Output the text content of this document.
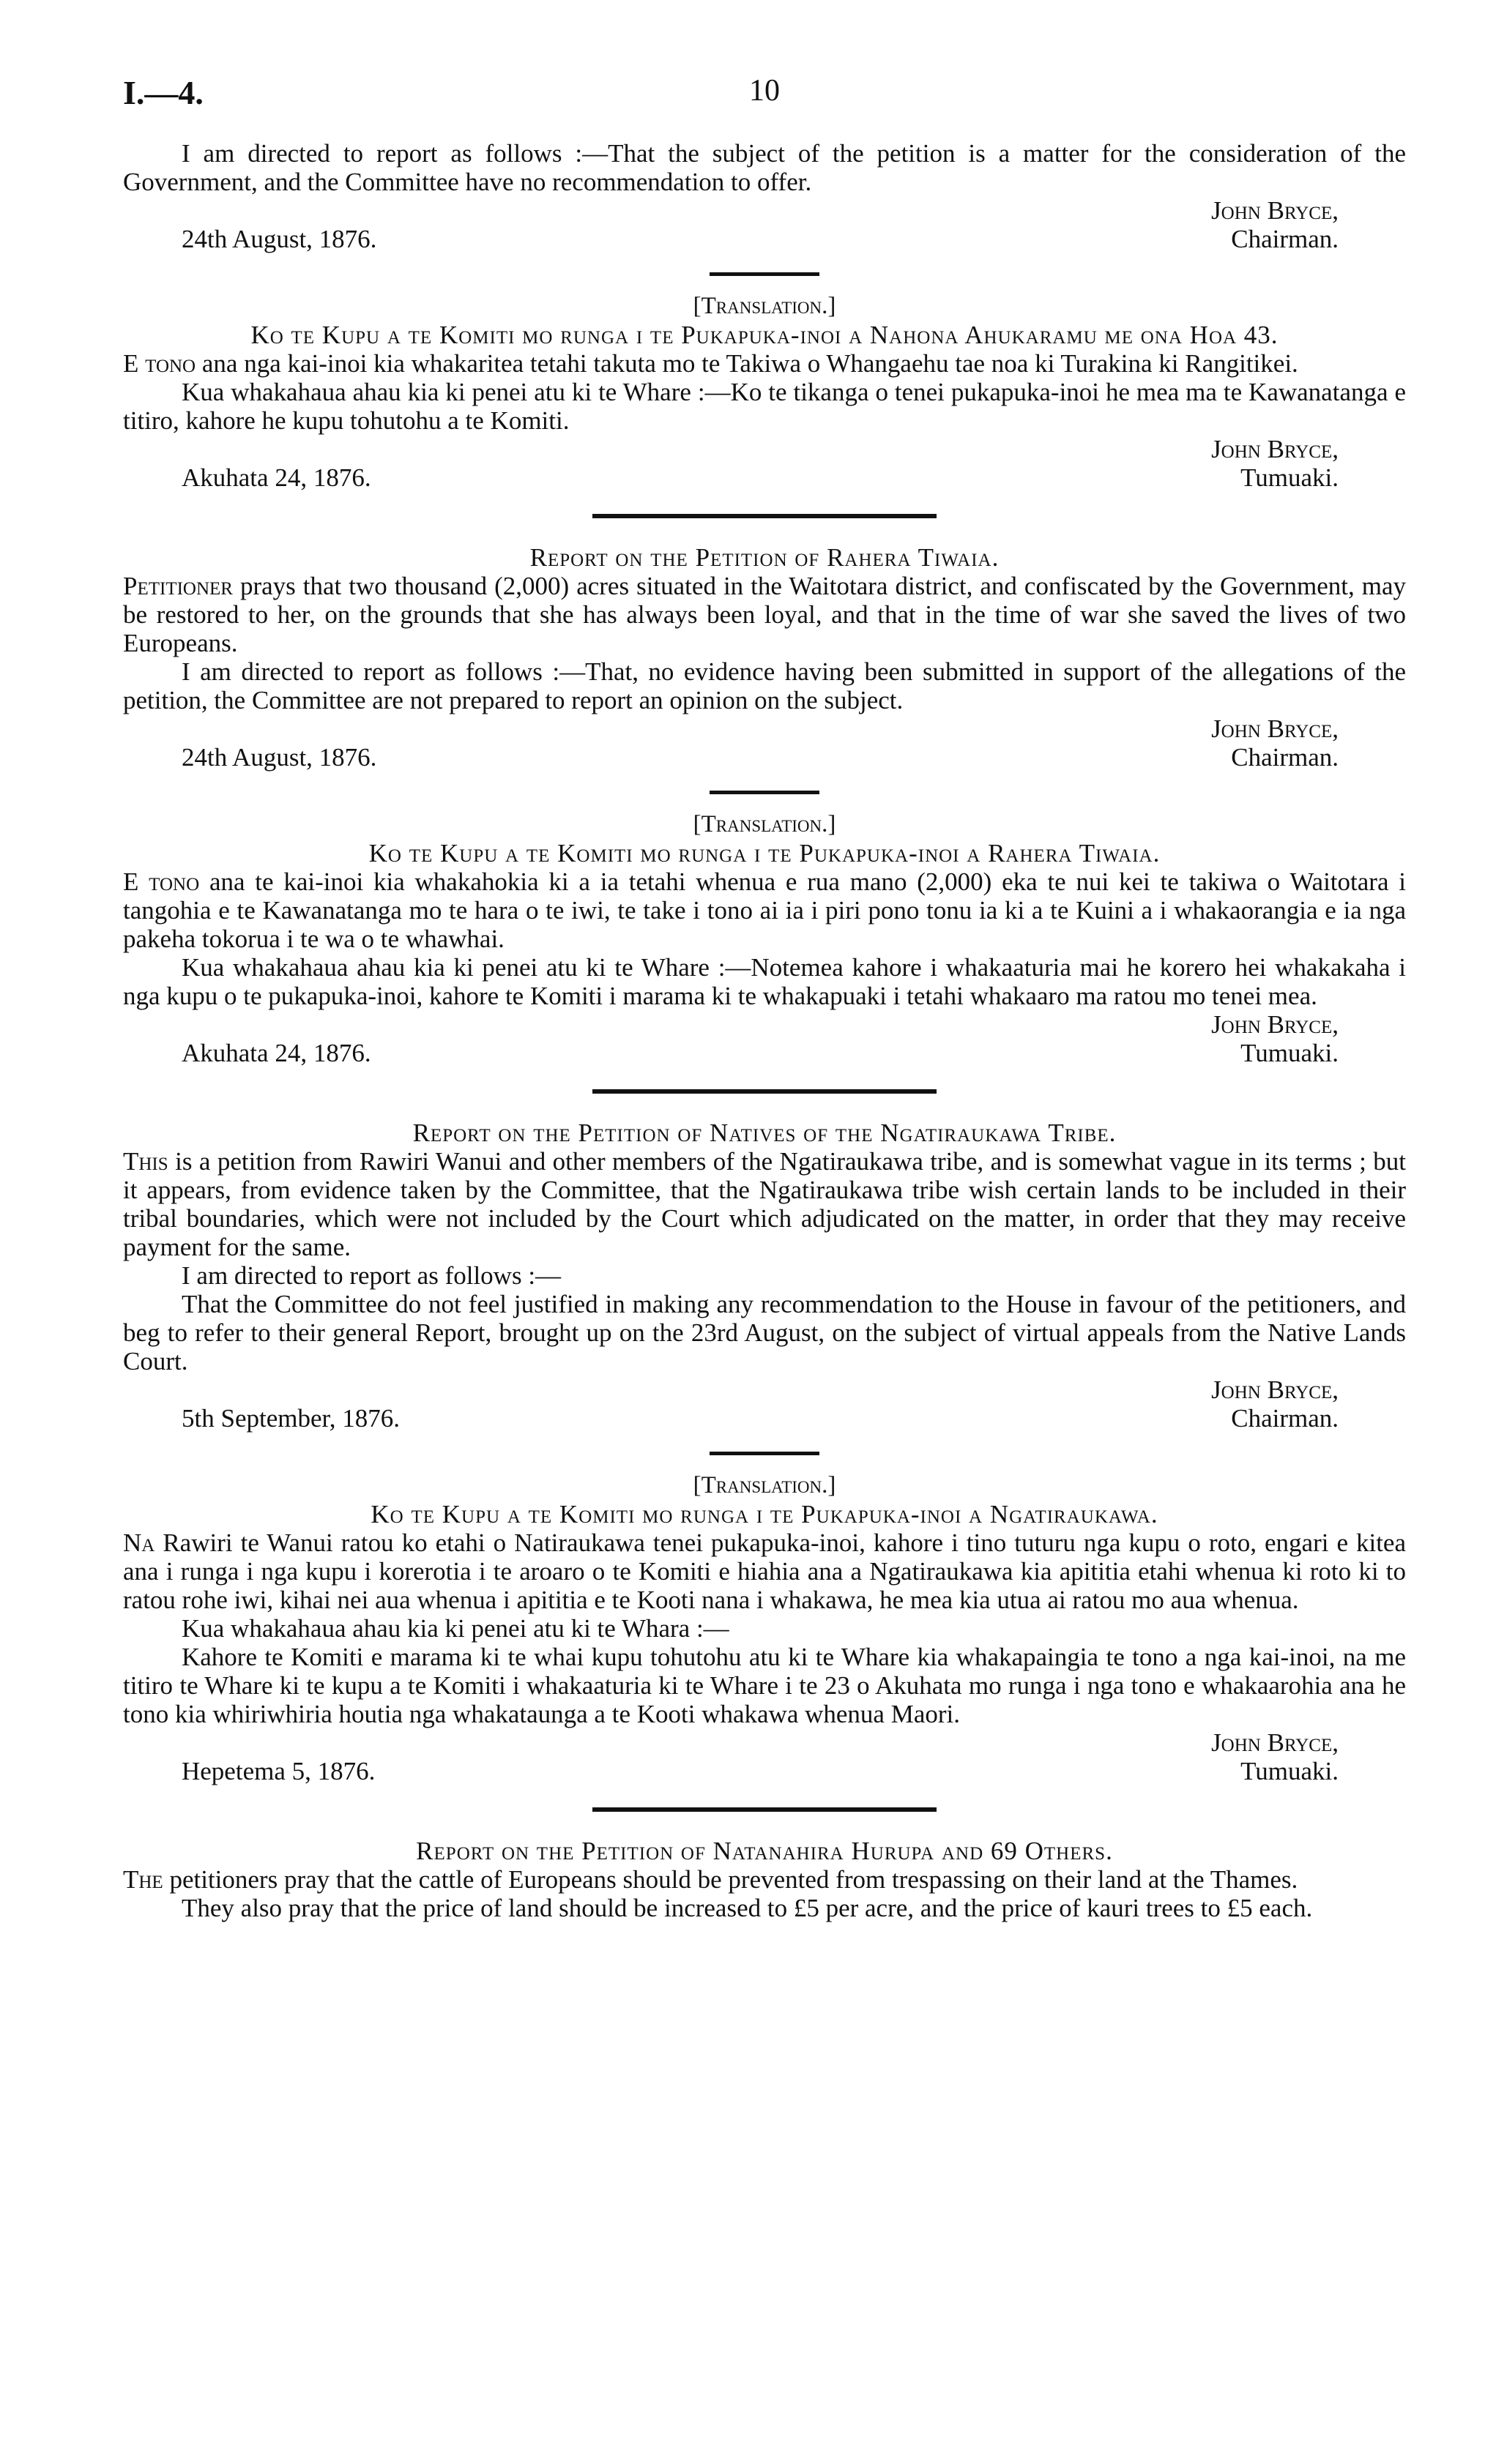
I.—4.	10

I am directed to report as follows :—That the subject of the petition is a matter for the consideration of the Government, and the Committee have no recommendation to offer.

John Bryce,
24th August, 1876.	Chairman.
[Translation.]
Ko te Kupu a te Komiti mo runga i te Pukapuka-inoi a Nahona Ahukaramu me ona Hoa 43.

E tono ana nga kai-inoi kia whakaritea tetahi takuta mo te Takiwa o Whangaehu tae noa ki Turakina ki Rangitikei.

Kua whakahaua ahau kia ki penei atu ki te Whare :—Ko te tikanga o tenei pukapuka-inoi he mea ma te Kawanatanga e titiro, kahore he kupu tohutohu a te Komiti.

John Bryce,
Akuhata 24, 1876.	Tumuaki.
Report on the Petition of Rahera Tiwaia.

Petitioner prays that two thousand (2,000) acres situated in the Waitotara district, and confiscated by the Government, may be restored to her, on the grounds that she has always been loyal, and that in the time of war she saved the lives of two Europeans.

I am directed to report as follows :—That, no evidence having been submitted in support of the allegations of the petition, the Committee are not prepared to report an opinion on the subject.

John Bryce,
24th August, 1876.	Chairman.
[Translation.]
Ko te Kupu a te Komiti mo runga i te Pukapuka-inoi a Rahera Tiwaia.

E tono ana te kai-inoi kia whakahokia ki a ia tetahi whenua e rua mano (2,000) eka te nui kei te takiwa o Waitotara i tangohia e te Kawanatanga mo te hara o te iwi, te take i tono ai ia i piri pono tonu ia ki a te Kuini a i whakaorangia e ia nga pakeha tokorua i te wa o te whawhai.

Kua whakahaua ahau kia ki penei atu ki te Whare :—Notemea kahore i whakaaturia mai he korero hei whakakaha i nga kupu o te pukapuka-inoi, kahore te Komiti i marama ki te whakapuaki i tetahi whakaaro ma ratou mo tenei mea.

John Bryce,
Akuhata 24, 1876.	Tumuaki.
Report on the Petition of Natives of the Ngatiraukawa Tribe.

This is a petition from Rawiri Wanui and other members of the Ngatiraukawa tribe, and is somewhat vague in its terms ; but it appears, from evidence taken by the Committee, that the Ngatiraukawa tribe wish certain lands to be included in their tribal boundaries, which were not included by the Court which adjudicated on the matter, in order that they may receive payment for the same.

I am directed to report as follows :—

That the Committee do not feel justified in making any recommendation to the House in favour of the petitioners, and beg to refer to their general Report, brought up on the 23rd August, on the subject of virtual appeals from the Native Lands Court.

John Bryce,
5th September, 1876.	Chairman.
[Translation.]
Ko te Kupu a te Komiti mo runga i te Pukapuka-inoi a Ngatiraukawa.

Na Rawiri te Wanui ratou ko etahi o Natiraukawa tenei pukapuka-inoi, kahore i tino tuturu nga kupu o roto, engari e kitea ana i runga i nga kupu i korerotia i te aroaro o te Komiti e hiahia ana a Ngatiraukawa kia apititia etahi whenua ki roto ki to ratou rohe iwi, kihai nei aua whenua i apititia e te Kooti nana i whakawa, he mea kia utua ai ratou mo aua whenua.

Kua whakahaua ahau kia ki penei atu ki te Whara :—

Kahore te Komiti e marama ki te whai kupu tohutohu atu ki te Whare kia whakapaingia te tono a nga kai-inoi, na me titiro te Whare ki te kupu a te Komiti i whakaaturia ki te Whare i te 23 o Akuhata mo runga i nga tono e whakaarohia ana he tono kia whiriwhiria houtia nga whakataunga a te Kooti whakawa whenua Maori.

John Bryce,
Hepetema 5, 1876.	Tumuaki.
Report on the Petition of Natanahira Hurupa and 69 Others.

The petitioners pray that the cattle of Europeans should be prevented from trespassing on their land at the Thames.

They also pray that the price of land should be increased to £5 per acre, and the price of kauri trees to £5 each.
